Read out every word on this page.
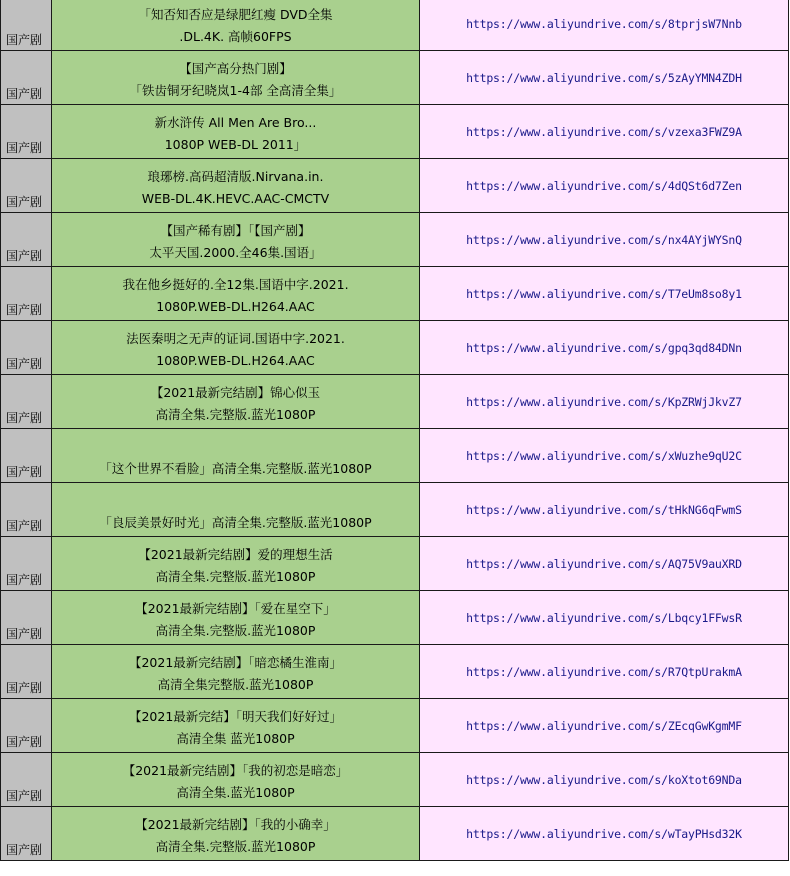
国产剧	「知否知否应是绿肥红瘦 DVD全集
.DL.4K. 高帧60FPS	https://www.aliyundrive.com/s/8tprjsW7Nnb
国产剧	【国产高分热门剧】
「铁齿铜牙纪晓岚1-4部 全高清全集」	https://www.aliyundrive.com/s/5zAyYMN4ZDH
国产剧	新水浒传 All Men Are Bro...
1080P WEB-DL 2011」	https://www.aliyundrive.com/s/vzexa3FWZ9A
国产剧	琅琊榜.高码超清版.Nirvana.in.
WEB-DL.4K.HEVC.AAC-CMCTV	https://www.aliyundrive.com/s/4dQSt6d7Zen
国产剧	【国产稀有剧】「【国产剧】
太平天国.2000.全46集.国语」	https://www.aliyundrive.com/s/nx4AYjWYSnQ
国产剧	我在他乡挺好的.全12集.国语中字.2021.
1080P.WEB-DL.H264.AAC	https://www.aliyundrive.com/s/T7eUm8so8y1
国产剧	法医秦明之无声的证词.国语中字.2021.
1080P.WEB-DL.H264.AAC	https://www.aliyundrive.com/s/gpq3qd84DNn
国产剧	【2021最新完结剧】锦心似玉
高清全集.完整版.蓝光1080P	https://www.aliyundrive.com/s/KpZRWjJkvZ7
国产剧	「这个世界不看脸」高清全集.完整版.蓝光1080P	https://www.aliyundrive.com/s/xWuzhe9qU2C
国产剧	「良辰美景好时光」高清全集.完整版.蓝光1080P	https://www.aliyundrive.com/s/tHkNG6qFwmS
国产剧	【2021最新完结剧】爱的理想生活
高清全集.完整版.蓝光1080P	https://www.aliyundrive.com/s/AQ75V9auXRD
国产剧	【2021最新完结剧】「爱在星空下」
高清全集.完整版.蓝光1080P	https://www.aliyundrive.com/s/Lbqcy1FFwsR
国产剧	【2021最新完结剧】「暗恋橘生淮南」
高清全集完整版.蓝光1080P	https://www.aliyundrive.com/s/R7QtpUrakmA
国产剧	【2021最新完结】「明天我们好好过」
高清全集 蓝光1080P	https://www.aliyundrive.com/s/ZEcqGwKgmMF
国产剧	【2021最新完结剧】「我的初恋是暗恋」
高清全集.蓝光1080P	https://www.aliyundrive.com/s/koXtot69NDa
国产剧	【2021最新完结剧】「我的小确幸」
高清全集.完整版.蓝光1080P	https://www.aliyundrive.com/s/wTayPHsd32K
